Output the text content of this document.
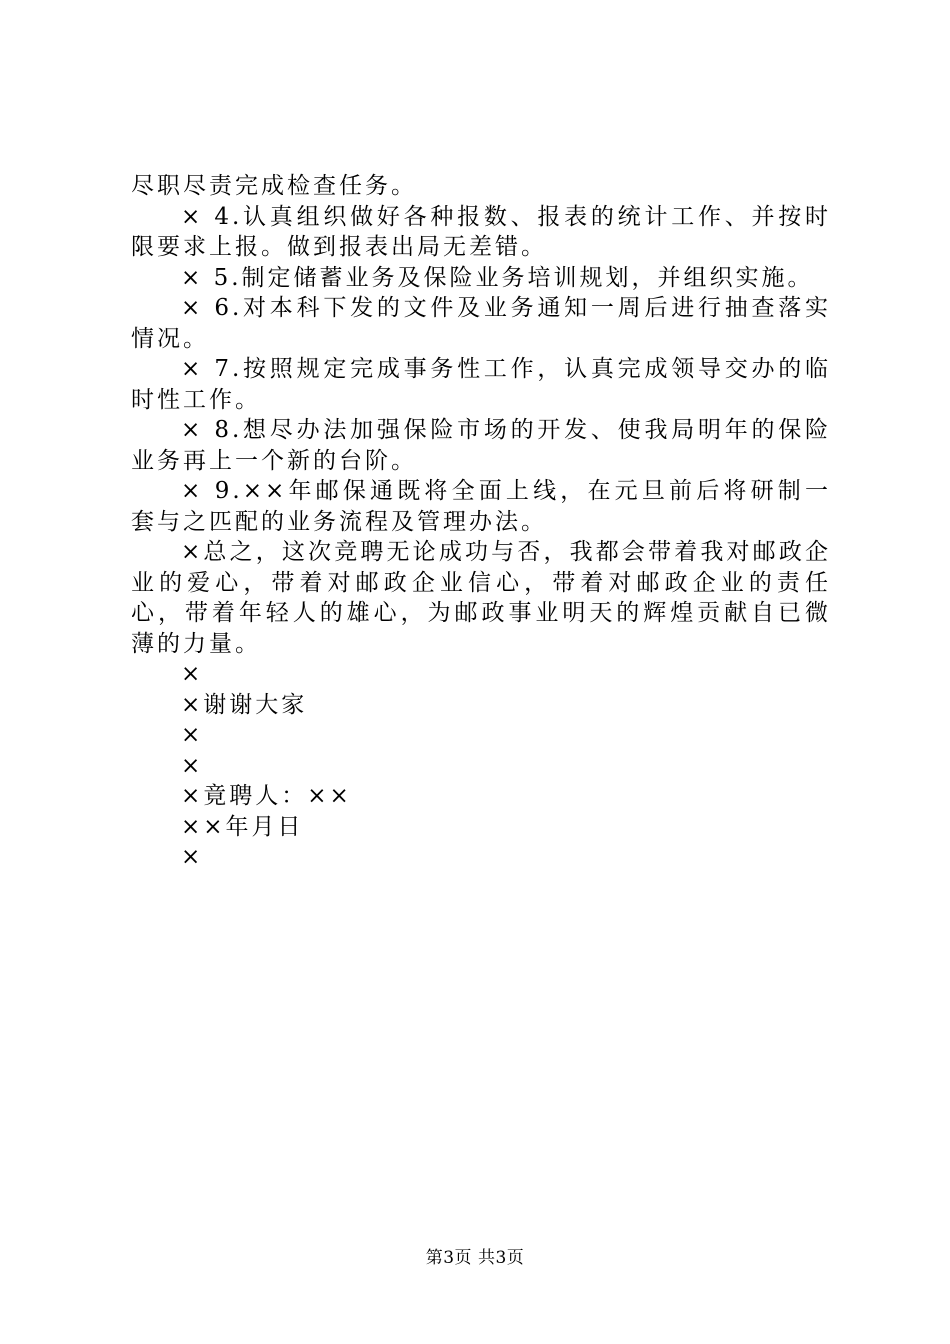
尽职尽责完成检查任务。

× 4.认真组织做好各种报数、报表的统计工作、并按时限要求上报。做到报表出局无差错。

× 5.制定储蓄业务及保险业务培训规划，并组织实施。

× 6.对本科下发的文件及业务通知一周后进行抽查落实情况。

× 7.按照规定完成事务性工作，认真完成领导交办的临时性工作。

× 8.想尽办法加强保险市场的开发、使我局明年的保险业务再上一个新的台阶。

× 9.××年邮保通既将全面上线，在元旦前后将研制一套与之匹配的业务流程及管理办法。

×总之，这次竞聘无论成功与否，我都会带着我对邮政企业的爱心，带着对邮政企业信心，带着对邮政企业的责任心，带着年轻人的雄心，为邮政事业明天的辉煌贡献自已微薄的力量。

×

×谢谢大家

×

×

×竟聘人：××

××年月日

×

第3页 共3页
